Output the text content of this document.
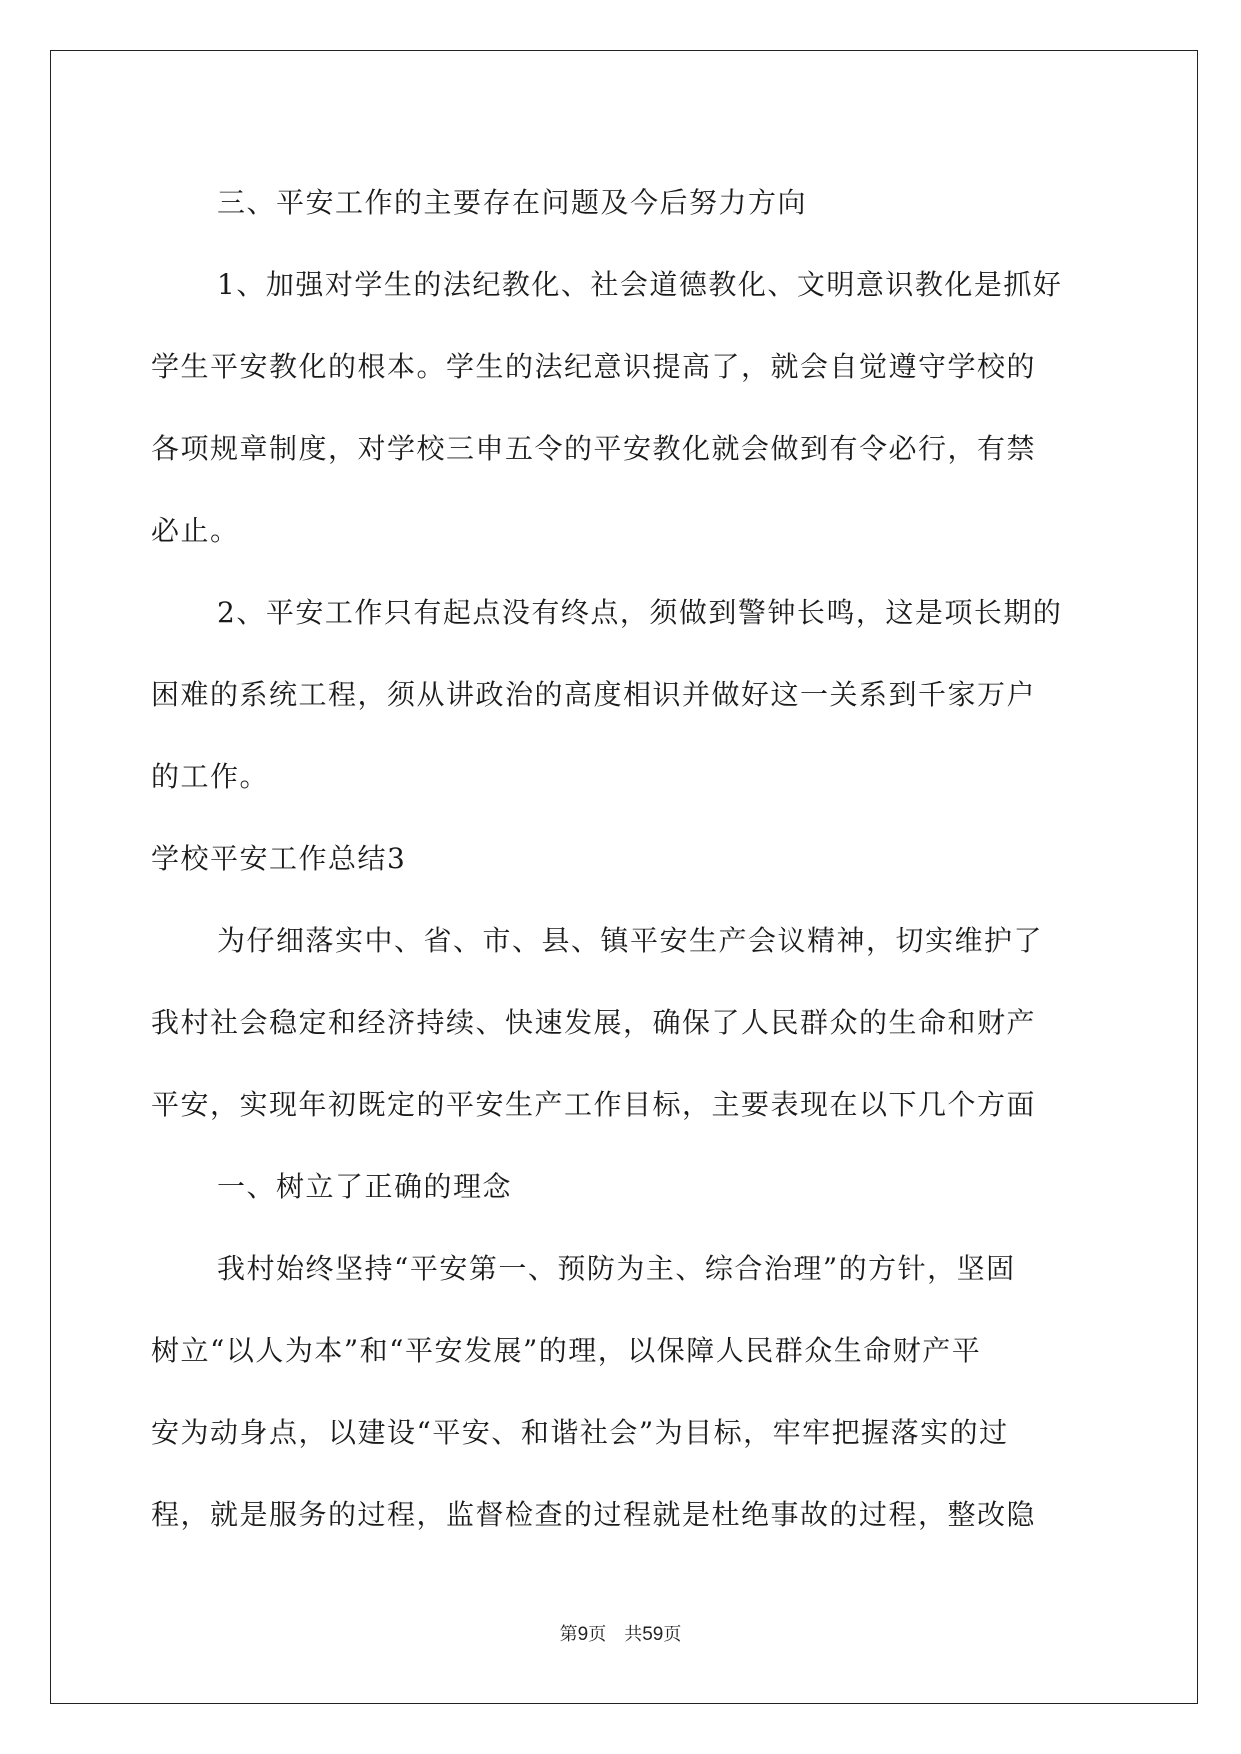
三、平安工作的主要存在问题及今后努力方向

1、加强对学生的法纪教化、社会道德教化、文明意识教化是抓好

学生平安教化的根本。学生的法纪意识提高了，就会自觉遵守学校的

各项规章制度，对学校三申五令的平安教化就会做到有令必行，有禁

必止。

2、平安工作只有起点没有终点，须做到警钟长鸣，这是项长期的

困难的系统工程，须从讲政治的高度相识并做好这一关系到千家万户

的工作。

学校平安工作总结3

为仔细落实中、省、市、县、镇平安生产会议精神，切实维护了

我村社会稳定和经济持续、快速发展，确保了人民群众的生命和财产

平安，实现年初既定的平安生产工作目标，主要表现在以下几个方面

一、树立了正确的理念

我村始终坚持“平安第一、预防为主、综合治理”的方针，坚固

树立“以人为本”和“平安发展”的理，以保障人民群众生命财产平

安为动身点，以建设“平安、和谐社会”为目标，牢牢把握落实的过

程，就是服务的过程，监督检查的过程就是杜绝事故的过程，整改隐

第9页 共59页
